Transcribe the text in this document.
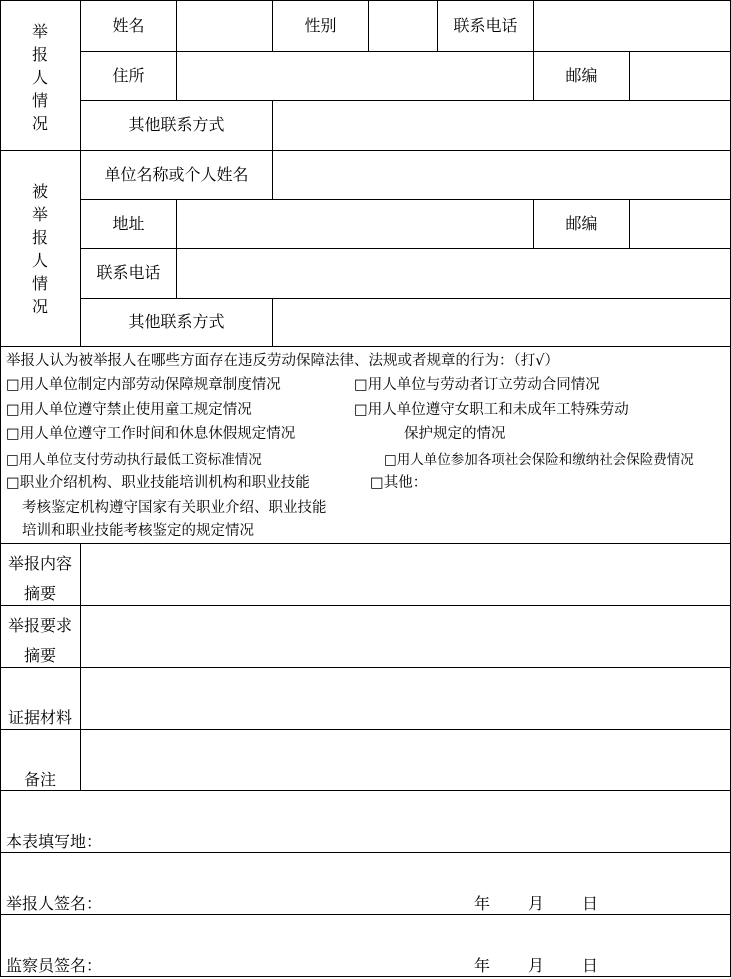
举报人情况
姓名	性别	联系电话
住所	邮编
其他联系方式
被举报人情况
单位名称或个人姓名
地址	邮编
联系电话
其他联系方式
举报人认为被举报人在哪些方面存在违反劳动保障法律、法规或者规章的行为：（打√）
□用人单位制定内部劳动保障规章制度情况	□用人单位与劳动者订立劳动合同情况
□用人单位遵守禁止使用童工规定情况	□用人单位遵守女职工和未成年工特殊劳动
□用人单位遵守工作时间和休息休假规定情况	保护规定的情况
□用人单位支付劳动执行最低工资标准情况	□用人单位参加各项社会保险和缴纳社会保险费情况
□职业介绍机构、职业技能培训机构和职业技能	□其他：
考核鉴定机构遵守国家有关职业介绍、职业技能
培训和职业技能考核鉴定的规定情况
举报内容
摘要
举报要求
摘要
证据材料
备注
本表填写地：
举报人签名：	年 月 日
监察员签名：	年 月 日
